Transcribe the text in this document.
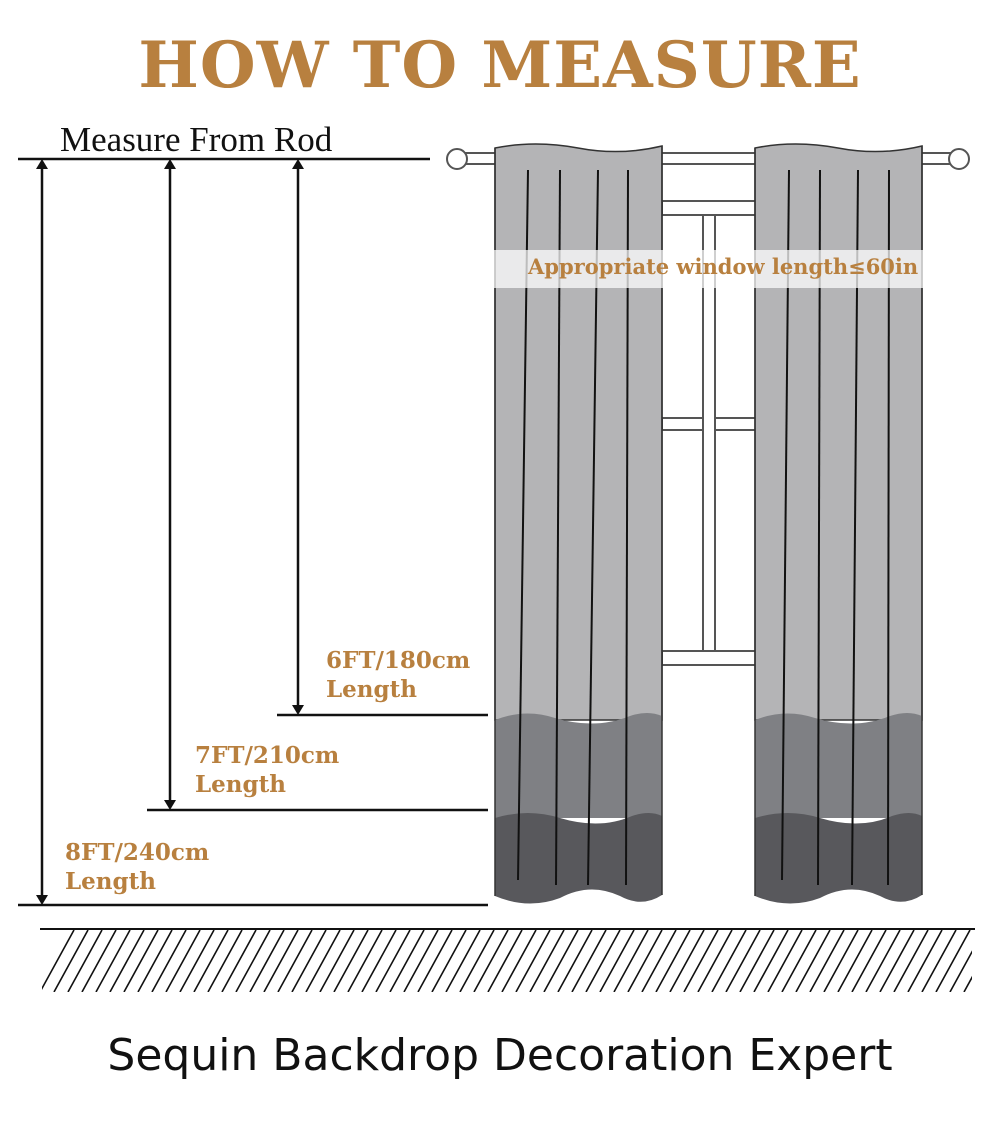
HOW TO MEASURE
Measure From Rod
6FT/180cm
Length
7FT/210cm
Length
8FT/240cm
Length
Appropriate window length≤60in
Sequin Backdrop Decoration Expert
